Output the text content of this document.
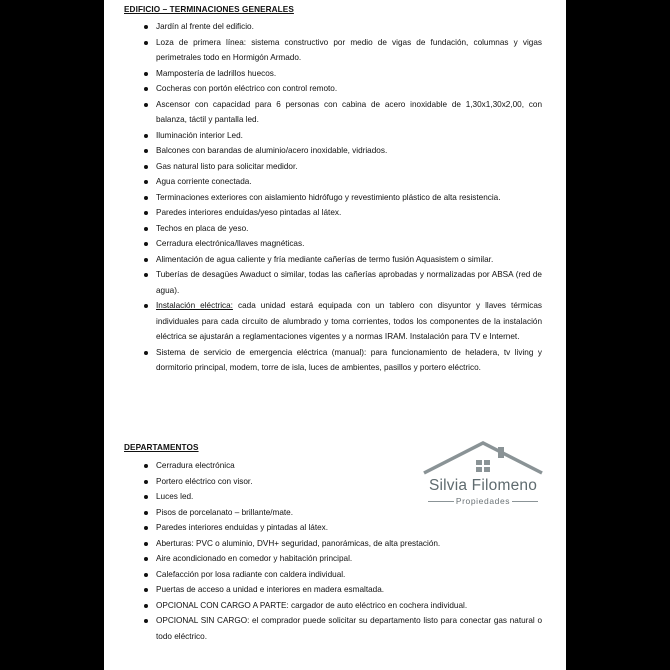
EDIFICIO – TERMINACIONES GENERALES
Jardín al frente del edificio.
Loza de primera línea: sistema constructivo por medio de vigas de fundación, columnas y vigas perimetrales todo en Hormigón Armado.
Mampostería de ladrillos huecos.
Cocheras con portón eléctrico con control remoto.
Ascensor con capacidad para 6 personas con cabina de acero inoxidable de 1,30x1,30x2,00, con balanza, táctil y pantalla led.
Iluminación interior Led.
Balcones con barandas de aluminio/acero inoxidable, vidriados.
Gas natural listo para solicitar medidor.
Agua corriente conectada.
Terminaciones exteriores con aislamiento hidrófugo y revestimiento plástico de alta resistencia.
Paredes interiores enduidas/yeso pintadas al látex.
Techos en placa de yeso.
Cerradura electrónica/llaves magnéticas.
Alimentación de agua caliente y fría mediante cañerías de termo fusión Aquasistem o similar.
Tuberías de desagües Awaduct o similar, todas las cañerías aprobadas y normalizadas por ABSA (red de agua).
Instalación eléctrica: cada unidad estará equipada con un tablero con disyuntor y llaves térmicas individuales para cada circuito de alumbrado y toma corrientes, todos los componentes de la instalación eléctrica se ajustarán a reglamentaciones vigentes y a normas IRAM. Instalación para TV e Internet.
Sistema de servicio de emergencia eléctrica (manual): para funcionamiento de heladera, tv living y dormitorio principal, modem, torre de isla, luces de ambientes, pasillos y portero eléctrico.
DEPARTAMENTOS
Cerradura electrónica
Portero eléctrico con visor.
Luces led.
Pisos de porcelanato – brillante/mate.
Paredes interiores enduidas y pintadas al látex.
Aberturas: PVC o aluminio, DVH+ seguridad, panorámicas, de alta prestación.
Aire acondicionado en comedor y habitación principal.
Calefacción por losa radiante con caldera individual.
Puertas de acceso a unidad e interiores en madera esmaltada.
OPCIONAL CON CARGO A PARTE: cargador de auto eléctrico en cochera individual.
OPCIONAL SIN CARGO: el comprador puede solicitar su departamento listo para conectar gas natural o todo eléctrico.
Silvia Filomeno
Propiedades
